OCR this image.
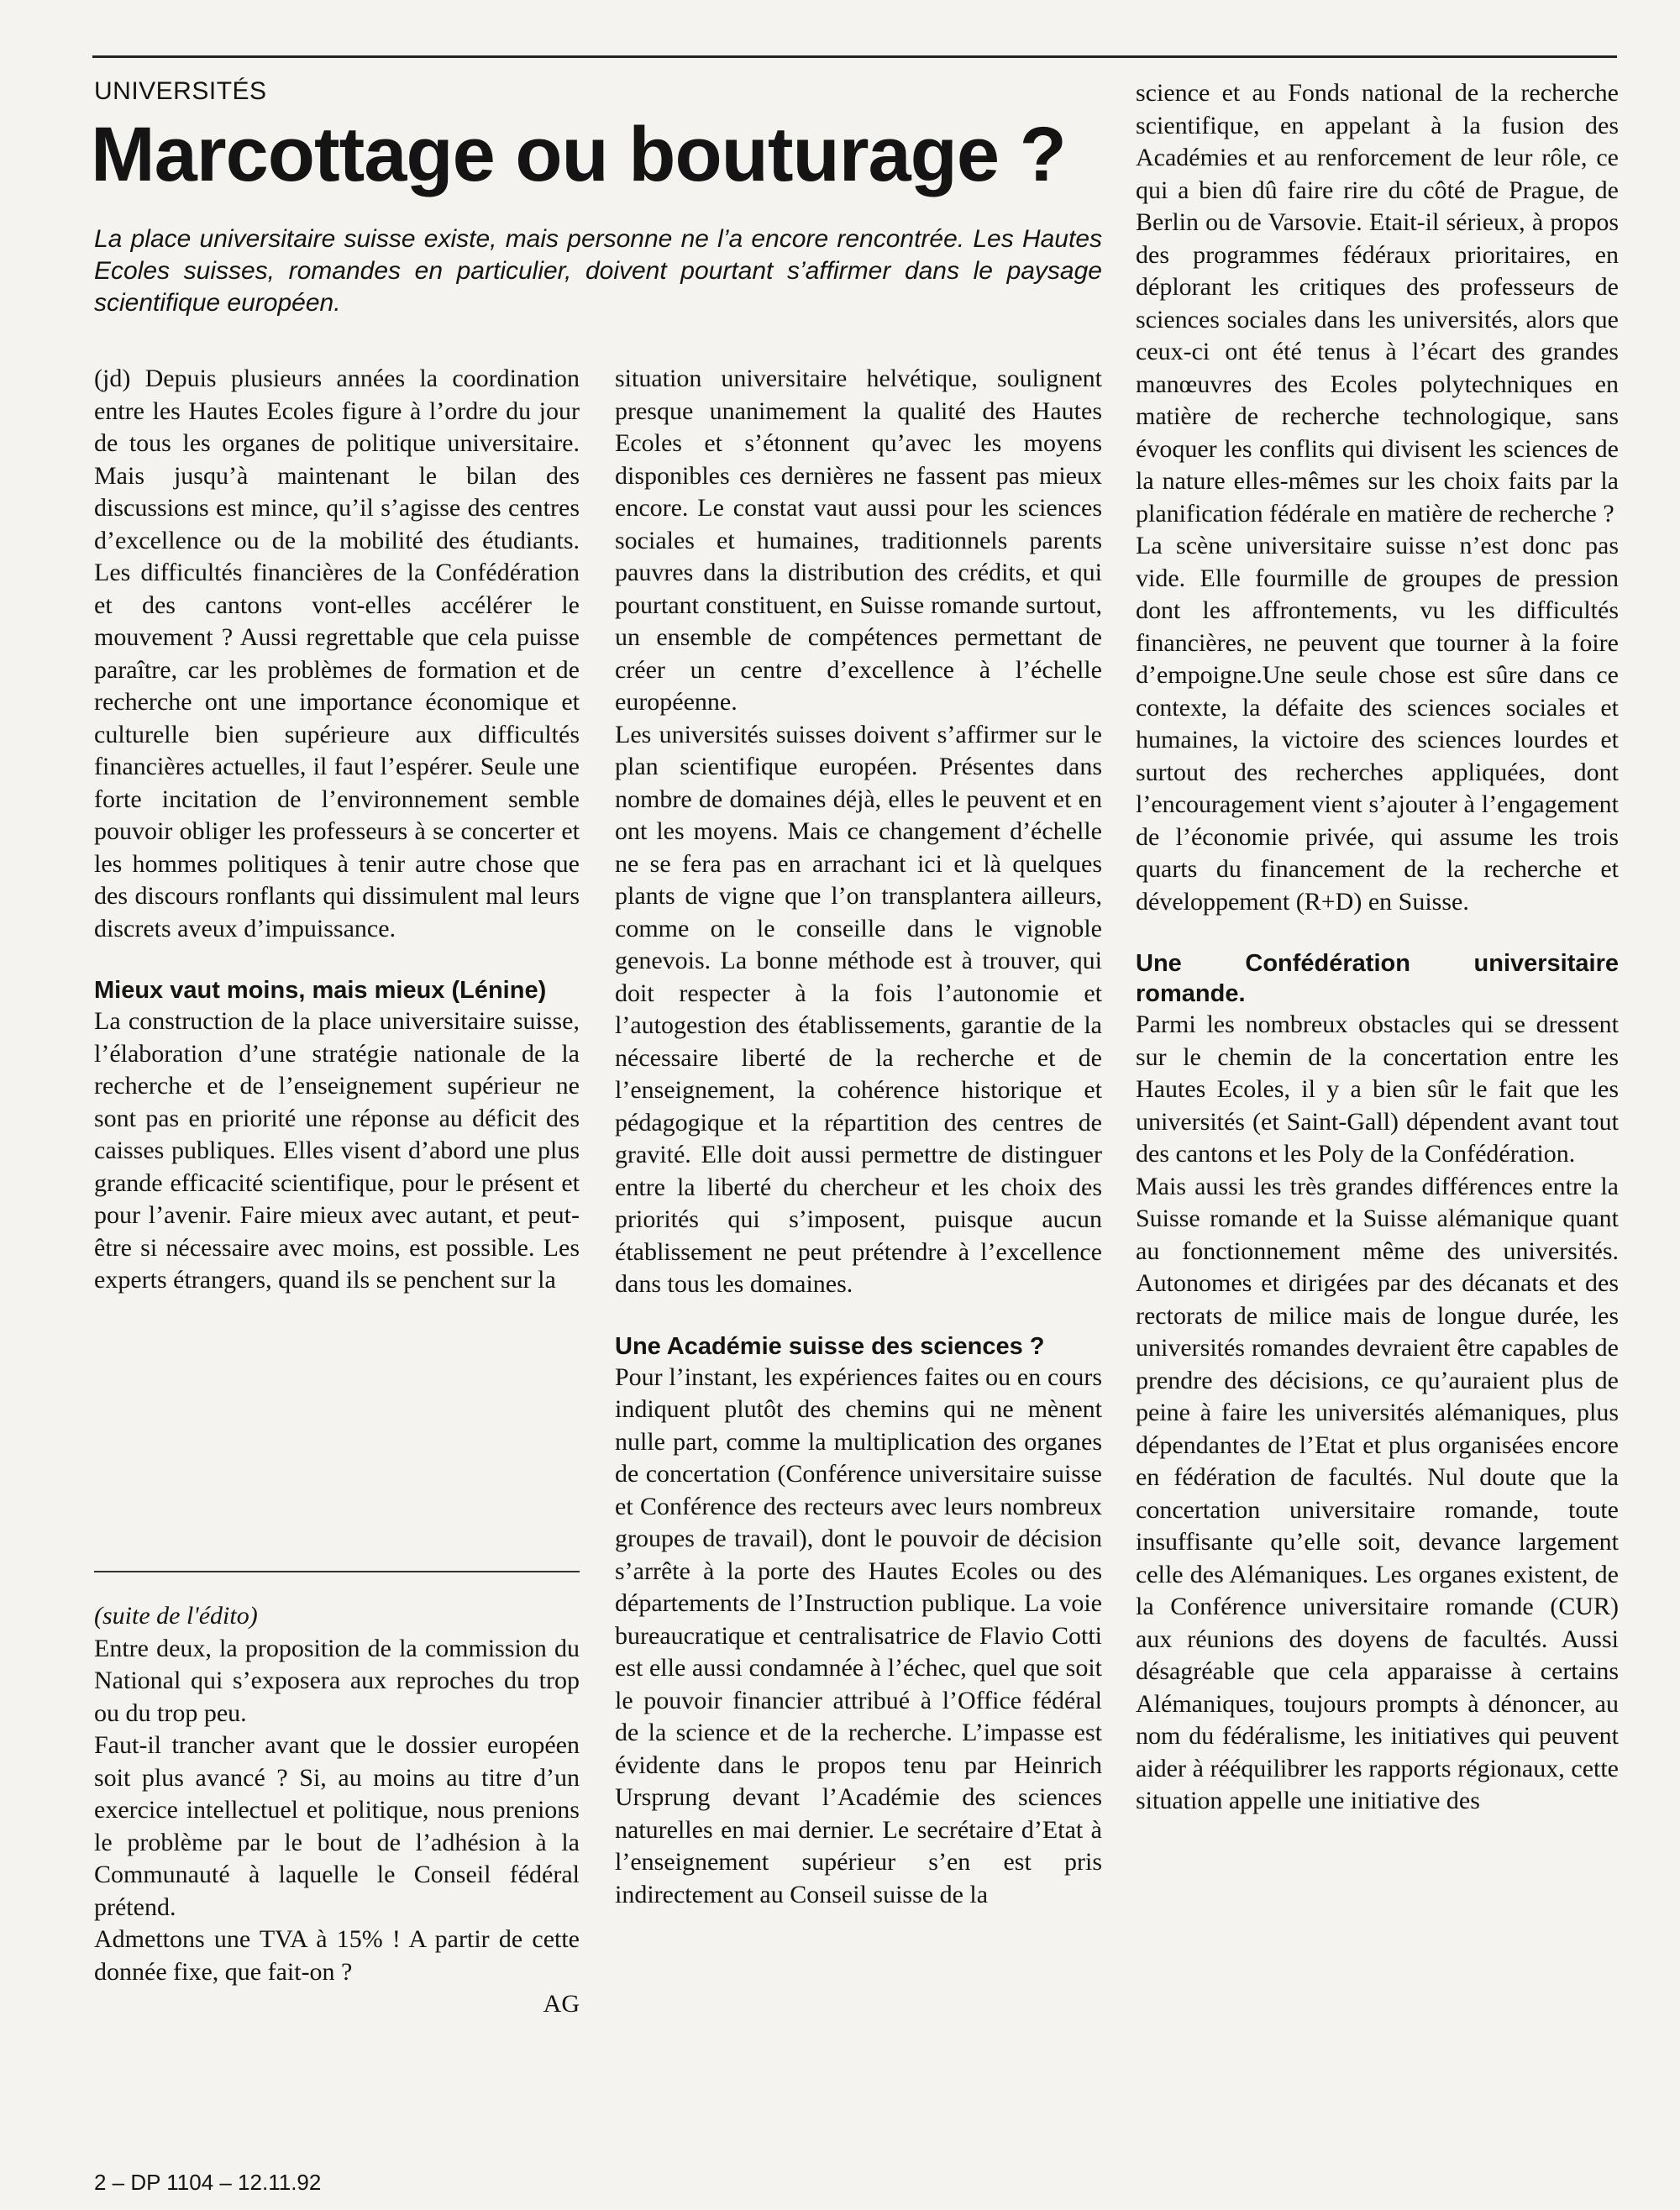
UNIVERSITÉS
Marcottage ou bouturage ?

La place universitaire suisse existe, mais personne ne l’a encore rencontrée. Les Hautes Ecoles suisses, romandes en particulier, doivent pourtant s’affirmer dans le paysage scientifique européen.

(jd) Depuis plusieurs années la coordination entre les Hautes Ecoles figure à l’ordre du jour de tous les organes de politique universitaire. Mais jusqu’à maintenant le bilan des discussions est mince, qu’il s’agisse des centres d’excellence ou de la mobilité des étudiants. Les difficultés financières de la Confédération et des cantons vont-elles accélérer le mouvement ? Aussi regrettable que cela puisse paraître, car les problèmes de formation et de recherche ont une importance économique et culturelle bien supérieure aux difficultés financières actuelles, il faut l’espérer. Seule une forte incitation de l’environnement semble pouvoir obliger les professeurs à se concerter et les hommes politiques à tenir autre chose que des discours ronflants qui dissimulent mal leurs discrets aveux d’impuissance.

Mieux vaut moins, mais mieux (Lénine)

La construction de la place universitaire suisse, l’élaboration d’une stratégie nationale de la recherche et de l’enseignement supérieur ne sont pas en priorité une réponse au déficit des caisses publiques. Elles visent d’abord une plus grande efficacité scientifique, pour le présent et pour l’avenir. Faire mieux avec autant, et peut-être si nécessaire avec moins, est possible. Les experts étrangers, quand ils se penchent sur la

(suite de l'édito)

Entre deux, la proposition de la commission du National qui s’exposera aux reproches du trop ou du trop peu.

Faut-il trancher avant que le dossier européen soit plus avancé ? Si, au moins au titre d’un exercice intellectuel et politique, nous prenions le problème par le bout de l’adhésion à la Communauté à laquelle le Conseil fédéral prétend.

Admettons une TVA à 15% ! A partir de cette donnée fixe, que fait-on ?

AG

situation universitaire helvétique, soulignent presque unanimement la qualité des Hautes Ecoles et s’étonnent qu’avec les moyens disponibles ces dernières ne fassent pas mieux encore. Le constat vaut aussi pour les sciences sociales et humaines, traditionnels parents pauvres dans la distribution des crédits, et qui pourtant constituent, en Suisse romande surtout, un ensemble de compétences permettant de créer un centre d’excellence à l’échelle européenne.

Les universités suisses doivent s’affirmer sur le plan scientifique européen. Présentes dans nombre de domaines déjà, elles le peuvent et en ont les moyens. Mais ce changement d’échelle ne se fera pas en arrachant ici et là quelques plants de vigne que l’on transplantera ailleurs, comme on le conseille dans le vignoble genevois. La bonne méthode est à trouver, qui doit respecter à la fois l’autonomie et l’autogestion des établissements, garantie de la nécessaire liberté de la recherche et de l’enseignement, la cohérence historique et pédagogique et la répartition des centres de gravité. Elle doit aussi permettre de distinguer entre la liberté du chercheur et les choix des priorités qui s’imposent, puisque aucun établissement ne peut prétendre à l’excellence dans tous les domaines.

Une Académie suisse des sciences ?

Pour l’instant, les expériences faites ou en cours indiquent plutôt des chemins qui ne mènent nulle part, comme la multiplication des organes de concertation (Conférence universitaire suisse et Conférence des recteurs avec leurs nombreux groupes de travail), dont le pouvoir de décision s’arrête à la porte des Hautes Ecoles ou des départements de l’Instruction publique. La voie bureaucratique et centralisatrice de Flavio Cotti est elle aussi condamnée à l’échec, quel que soit le pouvoir financier attribué à l’Office fédéral de la science et de la recherche. L’impasse est évidente dans le propos tenu par Heinrich Ursprung devant l’Académie des sciences naturelles en mai dernier. Le secrétaire d’Etat à l’enseignement supérieur s’en est pris indirectement au Conseil suisse de la

science et au Fonds national de la recherche scientifique, en appelant à la fusion des Académies et au renforcement de leur rôle, ce qui a bien dû faire rire du côté de Prague, de Berlin ou de Varsovie. Etait-il sérieux, à propos des programmes fédéraux prioritaires, en déplorant les critiques des professeurs de sciences sociales dans les universités, alors que ceux-ci ont été tenus à l’écart des grandes manœuvres des Ecoles polytechniques en matière de recherche technologique, sans évoquer les conflits qui divisent les sciences de la nature elles-mêmes sur les choix faits par la planification fédérale en matière de recherche ?

La scène universitaire suisse n’est donc pas vide. Elle fourmille de groupes de pression dont les affrontements, vu les difficultés financières, ne peuvent que tourner à la foire d’empoigne.Une seule chose est sûre dans ce contexte, la défaite des sciences sociales et humaines, la victoire des sciences lourdes et surtout des recherches appliquées, dont l’encouragement vient s’ajouter à l’engagement de l’économie privée, qui assume les trois quarts du financement de la recherche et développement (R+D) en Suisse.

Une Confédération universitaire romande.

Parmi les nombreux obstacles qui se dressent sur le chemin de la concertation entre les Hautes Ecoles, il y a bien sûr le fait que les universités (et Saint-Gall) dépendent avant tout des cantons et les Poly de la Confédération.

Mais aussi les très grandes différences entre la Suisse romande et la Suisse alémanique quant au fonctionnement même des universités. Autonomes et dirigées par des décanats et des rectorats de milice mais de longue durée, les universités romandes devraient être capables de prendre des décisions, ce qu’auraient plus de peine à faire les universités alémaniques, plus dépendantes de l’Etat et plus organisées encore en fédération de facultés. Nul doute que la concertation universitaire romande, toute insuffisante qu’elle soit, devance largement celle des Alémaniques. Les organes existent, de la Conférence universitaire romande (CUR) aux réunions des doyens de facultés. Aussi désagréable que cela apparaisse à certains Alémaniques, toujours prompts à dénoncer, au nom du fédéralisme, les initiatives qui peuvent aider à rééquilibrer les rapports régionaux, cette situation appelle une initiative des

2 – DP 1104 – 12.11.92
